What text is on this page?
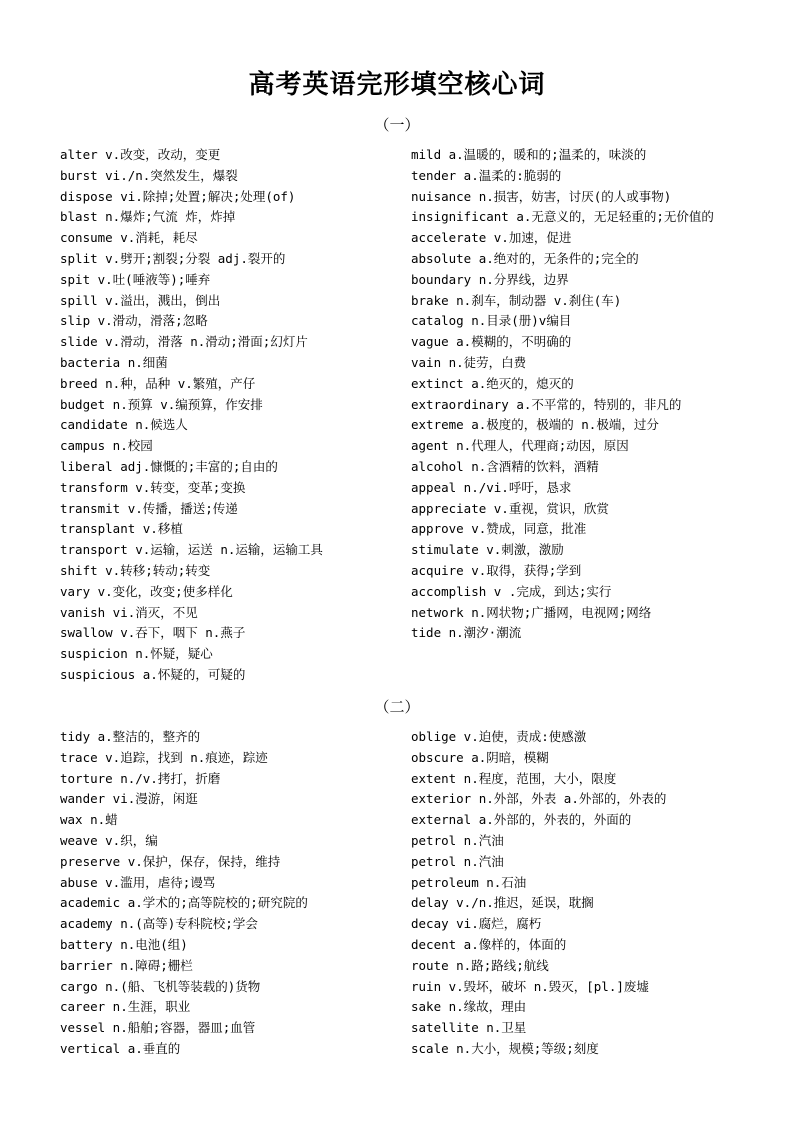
高考英语完形填空核心词
（一）
alter v.改变，改动，变更
burst vi./n.突然发生，爆裂
dispose vi.除掉;处置;解决;处理(of)
blast n.爆炸;气流 炸，炸掉
consume v.消耗，耗尽
split v.劈开;割裂;分裂 adj.裂开的
spit v.吐(唾液等);唾弃
spill v.溢出，溅出，倒出
slip v.滑动，滑落;忽略
slide v.滑动，滑落 n.滑动;滑面;幻灯片
bacteria n.细菌
breed n.种，品种 v.繁殖，产仔
budget n.预算 v.编预算，作安排
candidate n.候选人
campus n.校园
liberal adj.慷慨的;丰富的;自由的
transform v.转变，变革;变换
transmit v.传播，播送;传递
transplant v.移植
transport v.运输，运送 n.运输，运输工具
shift v.转移;转动;转变
vary v.变化，改变;使多样化
vanish vi.消灭，不见
swallow v.吞下，咽下 n.燕子
suspicion n.怀疑，疑心
suspicious a.怀疑的，可疑的
mild a.温暖的，暖和的;温柔的，味淡的
tender a.温柔的:脆弱的
nuisance n.损害，妨害，讨厌(的人或事物)
insignificant a.无意义的，无足轻重的;无价值的
accelerate v.加速，促进
absolute a.绝对的，无条件的;完全的
boundary n.分界线，边界
brake n.刹车，制动器 v.刹住(车)
catalog n.目录(册)v编目
vague a.模糊的，不明确的
vain n.徒劳，白费
extinct a.绝灭的，熄灭的
extraordinary a.不平常的，特别的，非凡的
extreme a.极度的，极端的 n.极端，过分
agent n.代理人，代理商;动因，原因
alcohol n.含酒精的饮料，酒精
appeal n./vi.呼吁，恳求
appreciate v.重视，赏识，欣赏
approve v.赞成，同意，批准
stimulate v.刺激，激励
acquire v.取得，获得;学到
accomplish v .完成，到达;实行
network n.网状物;广播网，电视网;网络
tide n.潮汐·潮流
（二）
tidy a.整洁的，整齐的
trace v.追踪，找到 n.痕迹，踪迹
torture n./v.拷打，折磨
wander vi.漫游，闲逛
wax n.蜡
weave v.织，编
preserve v.保护，保存，保持，维持
abuse v.滥用，虐待;谩骂
academic a.学术的;高等院校的;研究院的
academy n.(高等)专科院校;学会
battery n.电池(组)
barrier n.障碍;栅栏
cargo n.(船、飞机等装载的)货物
career n.生涯，职业
vessel n.船舶;容器，器皿;血管
vertical a.垂直的
oblige v.迫使，责成:使感激
obscure a.阴暗，模糊
extent n.程度，范围，大小，限度
exterior n.外部，外表 a.外部的，外表的
external a.外部的，外表的，外面的
petrol n.汽油
petrol n.汽油
petroleum n.石油
delay v./n.推迟，延误，耽搁
decay vi.腐烂，腐朽
decent a.像样的，体面的
route n.路;路线;航线
ruin v.毁坏，破坏 n.毁灭，[pl.]废墟
sake n.缘故，理由
satellite n.卫星
scale n.大小，规模;等级;刻度
